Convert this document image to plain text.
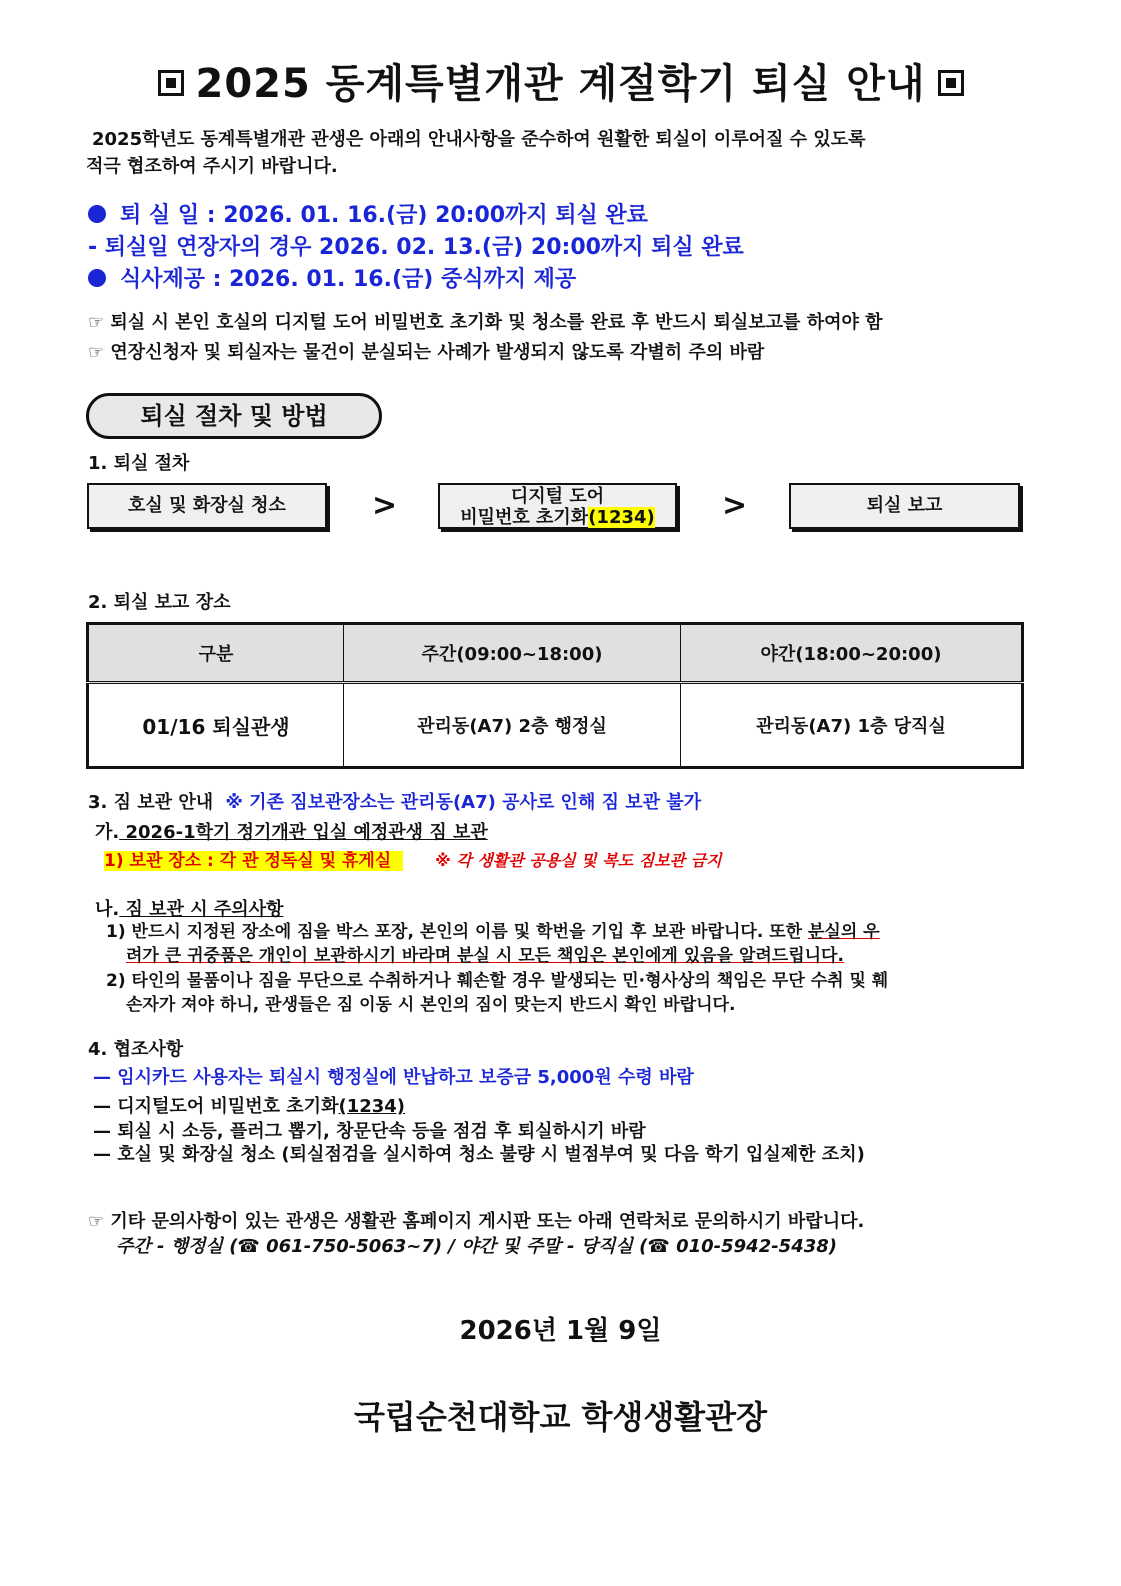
2025 동계특별개관 계절학기 퇴실 안내
2025학년도 동계특별개관 관생은 아래의 안내사항을 준수하여 원활한 퇴실이 이루어질 수 있도록
적극 협조하여 주시기 바랍니다.
퇴 실 일 : 2026. 01. 16.(금) 20:00까지 퇴실 완료
- 퇴실일 연장자의 경우 2026. 02. 13.(금) 20:00까지 퇴실 완료
식사제공 : 2026. 01. 16.(금) 중식까지 제공
☞ 퇴실 시 본인 호실의 디지털 도어 비밀번호 초기화 및 청소를 완료 후 반드시 퇴실보고를 하여야 함
☞ 연장신청자 및 퇴실자는 물건이 분실되는 사례가 발생되지 않도록 각별히 주의 바람
퇴실 절차 및 방법
1. 퇴실 절차
호실 및 화장실 청소	>	디지털 도어
비밀번호 초기화(1234)	>	퇴실 보고
2. 퇴실 보고 장소
구분	주간(09:00~18:00)	야간(18:00~20:00)
01/16 퇴실관생	관리동(A7) 2층 행정실	관리동(A7) 1층 당직실
3. 짐 보관 안내 ※ 기존 짐보관장소는 관리동(A7) 공사로 인해 짐 보관 불가
가. 2026-1학기 정기개관 입실 예정관생 짐 보관
1) 보관 장소 : 각 관 정독실 및 휴게실	※ 각 생활관 공용실 및 복도 짐보관 금지
나. 짐 보관 시 주의사항
1) 반드시 지정된 장소에 짐을 박스 포장, 본인의 이름 및 학번을 기입 후 보관 바랍니다. 또한 분실의 우
려가 큰 귀중품은 개인이 보관하시기 바라며 분실 시 모든 책임은 본인에게 있음을 알려드립니다.
2) 타인의 물품이나 짐을 무단으로 수취하거나 훼손할 경우 발생되는 민·형사상의 책임은 무단 수취 및 훼
손자가 져야 하니, 관생들은 짐 이동 시 본인의 짐이 맞는지 반드시 확인 바랍니다.
4. 협조사항
— 임시카드 사용자는 퇴실시 행정실에 반납하고 보증금 5,000원 수령 바람
— 디지털도어 비밀번호 초기화(1234)
— 퇴실 시 소등, 플러그 뽑기, 창문단속 등을 점검 후 퇴실하시기 바람
— 호실 및 화장실 청소 (퇴실점검을 실시하여 청소 불량 시 벌점부여 및 다음 학기 입실제한 조치)
☞ 기타 문의사항이 있는 관생은 생활관 홈페이지 게시판 또는 아래 연락처로 문의하시기 바랍니다.
주간 - 행정실 (☎ 061-750-5063~7) / 야간 및 주말 - 당직실 (☎ 010-5942-5438)
2026년 1월 9일
국립순천대학교 학생생활관장
